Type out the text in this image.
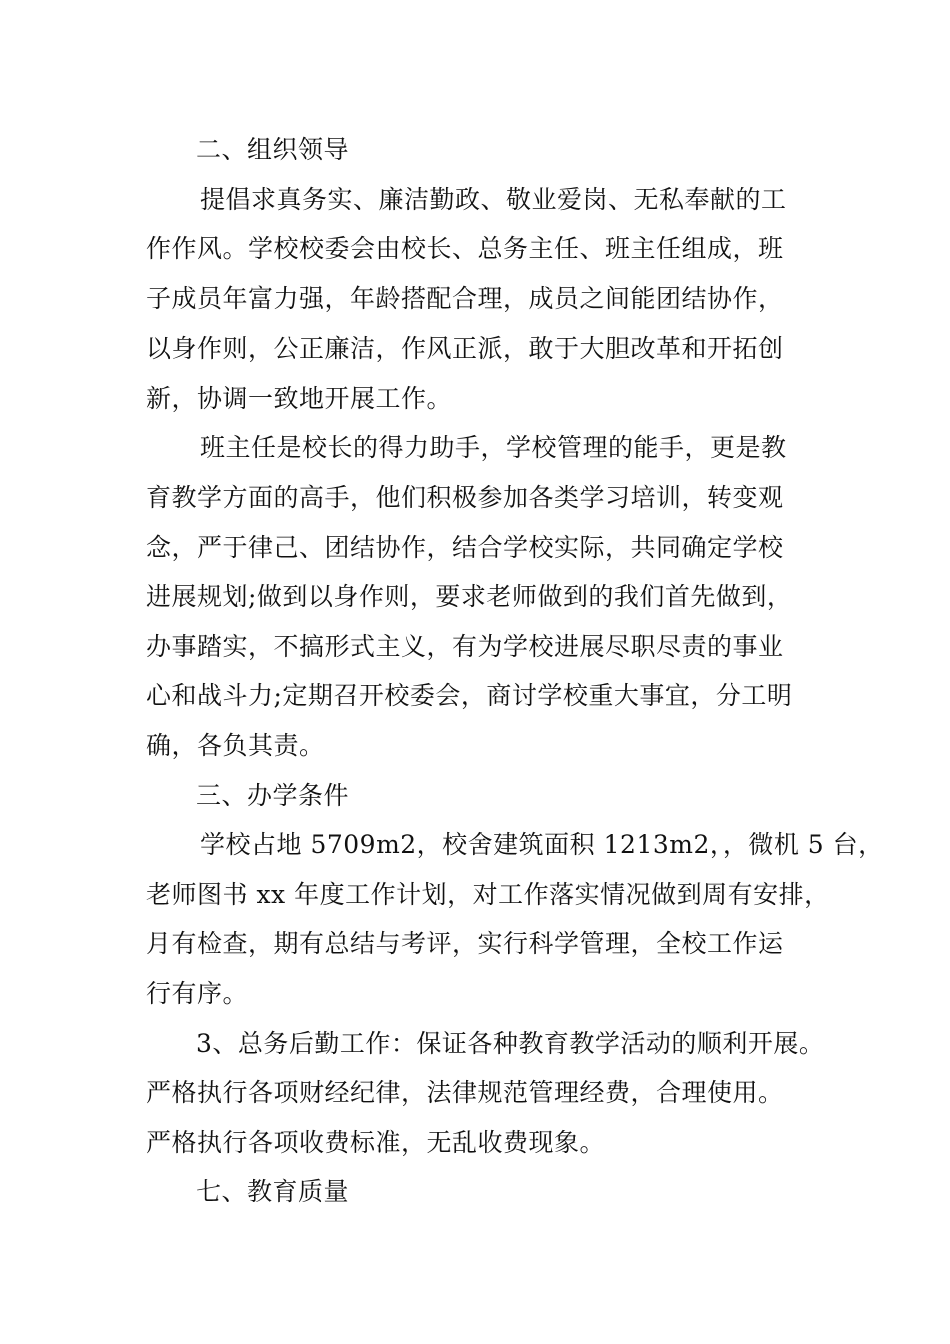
二、组织领导
提倡求真务实、廉洁勤政、敬业爱岗、无私奉献的工
作作风。学校校委会由校长、总务主任、班主任组成，班
子成员年富力强，年龄搭配合理，成员之间能团结协作，
以身作则，公正廉洁，作风正派，敢于大胆改革和开拓创
新，协调一致地开展工作。
班主任是校长的得力助手，学校管理的能手，更是教
育教学方面的高手，他们积极参加各类学习培训，转变观
念，严于律己、团结协作，结合学校实际，共同确定学校
进展规划;做到以身作则，要求老师做到的我们首先做到，
办事踏实，不搞形式主义，有为学校进展尽职尽责的事业
心和战斗力;定期召开校委会，商讨学校重大事宜，分工明
确，各负其责。
三、办学条件
学校占地 5709m2，校舍建筑面积 1213m2，，微机 5 台，
老师图书 xx 年度工作计划，对工作落实情况做到周有安排，
月有检查，期有总结与考评，实行科学管理，全校工作运
行有序。
3、总务后勤工作：保证各种教育教学活动的顺利开展。
严格执行各项财经纪律，法律规范管理经费，合理使用。
严格执行各项收费标准，无乱收费现象。
七、教育质量
